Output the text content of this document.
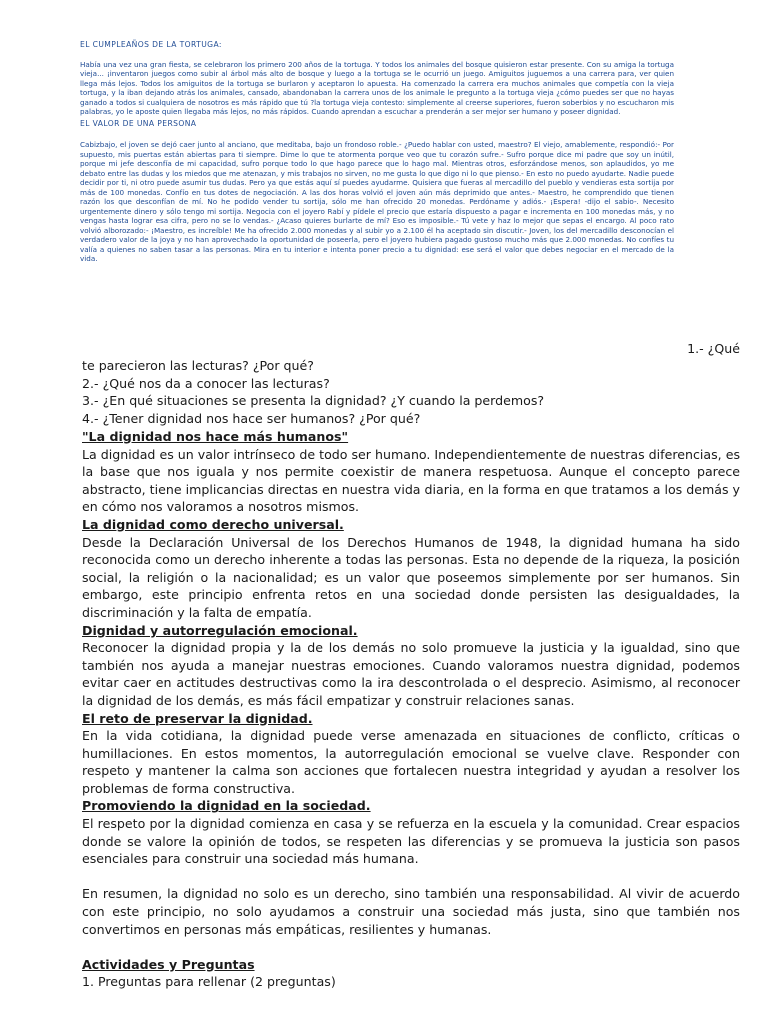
EL CUMPLEAÑOS DE LA TORTUGA:

Había una vez una gran fiesta, se celebraron los primero 200 años de la tortuga. Y todos los animales del bosque quisieron estar presente. Con su amiga la tortuga vieja... ¡inventaron juegos como subir al árbol más alto de bosque y luego a la tortuga se le ocurrió un juego. Amiguitos juguemos a una carrera para, ver quien llega más lejos. Todos los amiguitos de la tortuga se burlaron y aceptaron lo apuesta. Ha comenzado la carrera era muchos animales que competía con la vieja tortuga, y la iban dejando atrás los animales, cansado, abandonaban la carrera unos de los animale le pregunto a la tortuga vieja ¿cómo puedes ser que no hayas ganado a todos si cualquiera de nosotros es más rápido que tú ?la tortuga vieja contesto: simplemente al creerse superiores, fueron soberbios y no escucharon mis palabras, yo le aposte quien llegaba más lejos, no más rápidos. Cuando aprendan a escuchar a prenderán a ser mejor ser humano y poseer dignidad.

EL VALOR DE UNA PERSONA

Cabizbajo, el joven se dejó caer junto al anciano, que meditaba, bajo un frondoso roble.- ¿Puedo hablar con usted, maestro? El viejo, amablemente, respondió:- Por supuesto, mis puertas están abiertas para ti siempre. Dime lo que te atormenta porque veo que tu corazón sufre.- Sufro porque dice mi padre que soy un inútil, porque mi jefe desconfía de mi capacidad, sufro porque todo lo que hago parece que lo hago mal. Mientras otros, esforzándose menos, son aplaudidos, yo me debato entre las dudas y los miedos que me atenazan, y mis trabajos no sirven, no me gusta lo que digo ni lo que pienso.- En esto no puedo ayudarte. Nadie puede decidir por ti, ni otro puede asumir tus dudas. Pero ya que estás aquí sí puedes ayudarme. Quisiera que fueras al mercadillo del pueblo y vendieras esta sortija por más de 100 monedas. Confío en tus dotes de negociación. A las dos horas volvió el joven aún más deprimido que antes.- Maestro, he comprendido que tienen razón los que desconfían de mí. No he podido vender tu sortija, sólo me han ofrecido 20 monedas. Perdóname y adiós.- ¡Espera! -dijo el sabio-. Necesito urgentemente dinero y sólo tengo mi sortija. Negocia con el joyero Rabí y pídele el precio que estaría dispuesto a pagar e incrementa en 100 monedas más, y no vengas hasta lograr esa cifra, pero no se lo vendas.- ¿Acaso quieres burlarte de mí? Eso es imposible.- Tú vete y haz lo mejor que sepas el encargo. Al poco rato volvió alborozado:- ¡Maestro, es increíble! Me ha ofrecido 2.000 monedas y al subir yo a 2.100 él ha aceptado sin discutir.- Joven, los del mercadillo desconocían el verdadero valor de la joya y no han aprovechado la oportunidad de poseerla, pero el joyero hubiera pagado gustoso mucho más que 2.000 monedas. No confíes tu valía a quienes no saben tasar a las personas. Mira en tu interior e intenta poner precio a tu dignidad: ese será el valor que debes negociar en el mercado de la vida.

1.- ¿Qué

te parecieron las lecturas? ¿Por qué?

2.- ¿Qué nos da a conocer las lecturas?

3.- ¿En qué situaciones se presenta la dignidad? ¿Y cuando la perdemos?

4.- ¿Tener dignidad nos hace ser humanos? ¿Por qué?

"La dignidad nos hace más humanos"

La dignidad es un valor intrínseco de todo ser humano. Independientemente de nuestras diferencias, es la base que nos iguala y nos permite coexistir de manera respetuosa. Aunque el concepto parece abstracto, tiene implicancias directas en nuestra vida diaria, en la forma en que tratamos a los demás y en cómo nos valoramos a nosotros mismos.

La dignidad como derecho universal.

Desde la Declaración Universal de los Derechos Humanos de 1948, la dignidad humana ha sido reconocida como un derecho inherente a todas las personas. Esta no depende de la riqueza, la posición social, la religión o la nacionalidad; es un valor que poseemos simplemente por ser humanos. Sin embargo, este principio enfrenta retos en una sociedad donde persisten las desigualdades, la discriminación y la falta de empatía.

Dignidad y autorregulación emocional.

Reconocer la dignidad propia y la de los demás no solo promueve la justicia y la igualdad, sino que también nos ayuda a manejar nuestras emociones. Cuando valoramos nuestra dignidad, podemos evitar caer en actitudes destructivas como la ira descontrolada o el desprecio. Asimismo, al reconocer la dignidad de los demás, es más fácil empatizar y construir relaciones sanas.

El reto de preservar la dignidad.

En la vida cotidiana, la dignidad puede verse amenazada en situaciones de conflicto, críticas o humillaciones. En estos momentos, la autorregulación emocional se vuelve clave. Responder con respeto y mantener la calma son acciones que fortalecen nuestra integridad y ayudan a resolver los problemas de forma constructiva.

Promoviendo la dignidad en la sociedad.

El respeto por la dignidad comienza en casa y se refuerza en la escuela y la comunidad. Crear espacios donde se valore la opinión de todos, se respeten las diferencias y se promueva la justicia son pasos esenciales para construir una sociedad más humana.

En resumen, la dignidad no solo es un derecho, sino también una responsabilidad. Al vivir de acuerdo con este principio, no solo ayudamos a construir una sociedad más justa, sino que también nos convertimos en personas más empáticas, resilientes y humanas.

Actividades y Preguntas

1. Preguntas para rellenar (2 preguntas)
